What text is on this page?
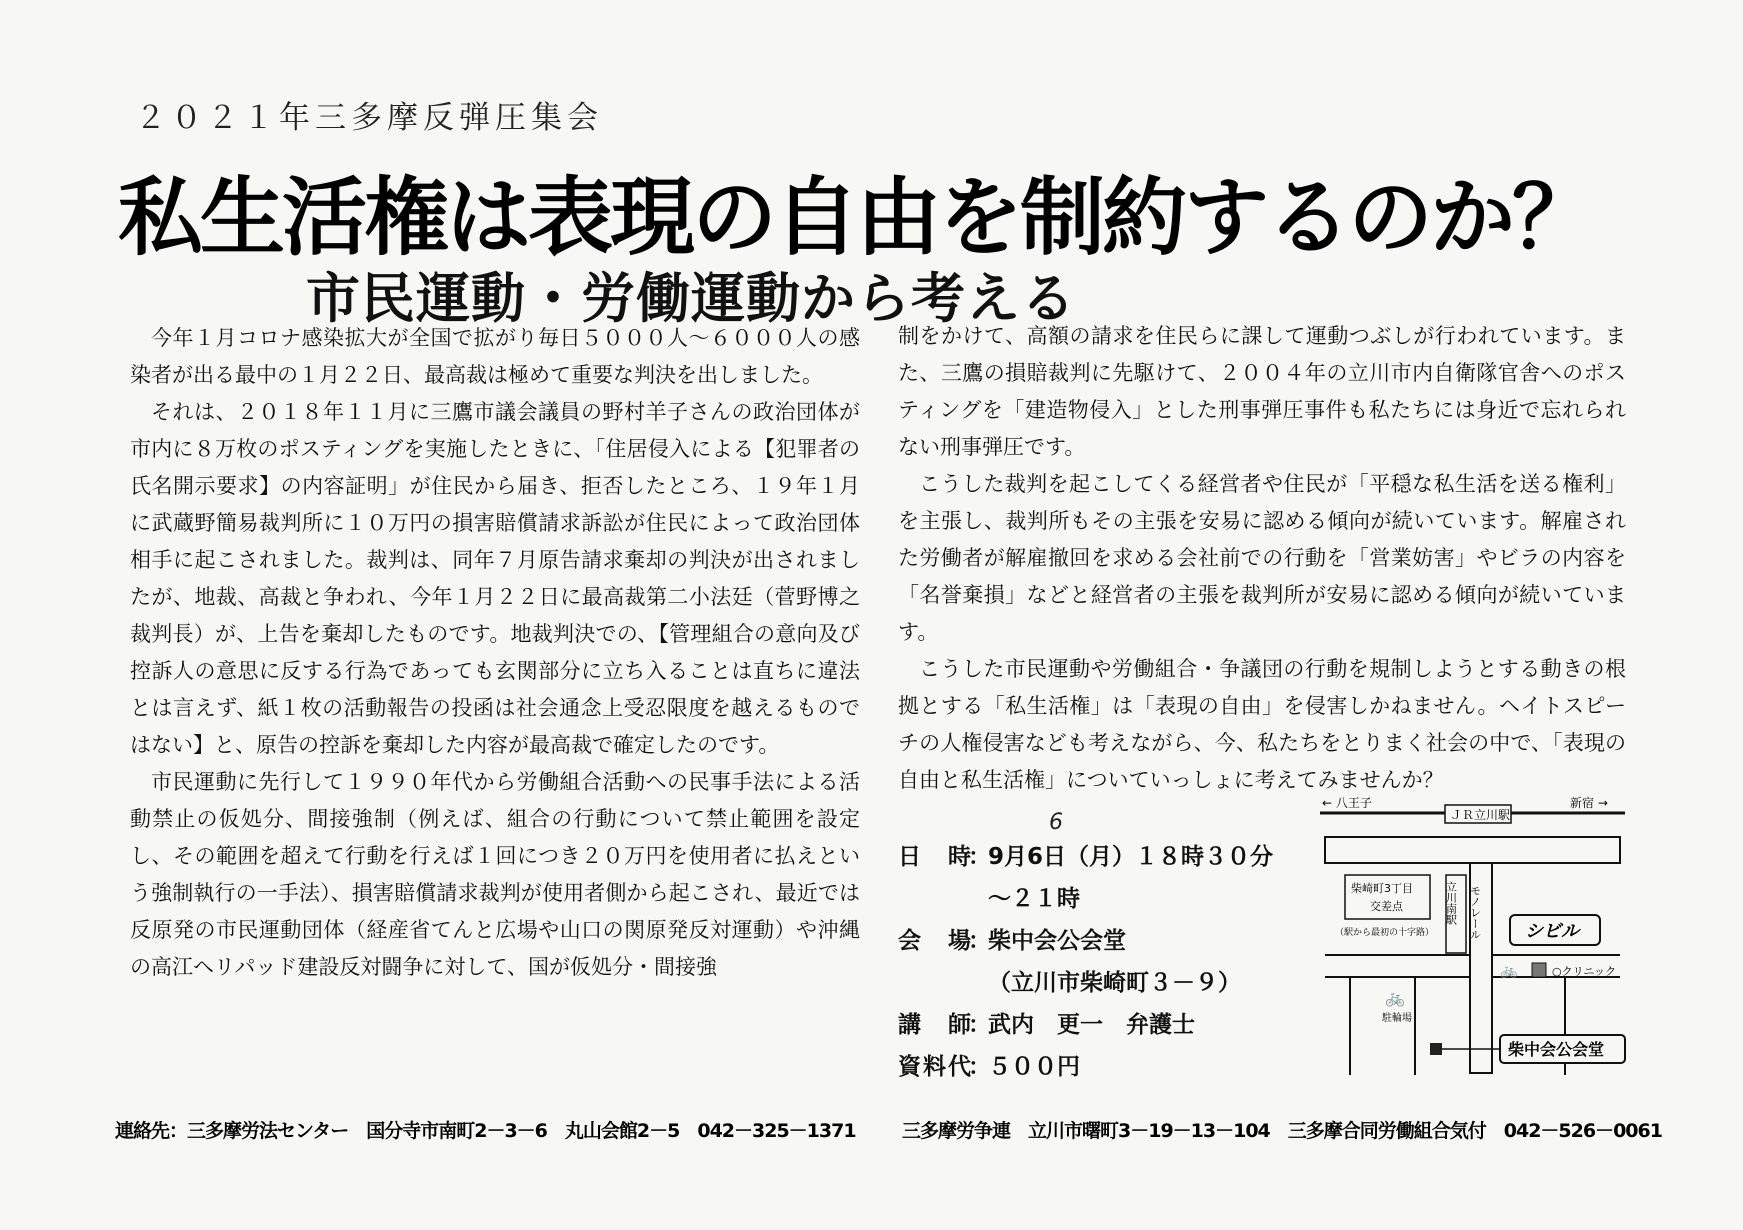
２０２１年三多摩反弾圧集会
私生活権は表現の自由を制約するのか？
市民運動・労働運動から考える

今年１月コロナ感染拡大が全国で拡がり毎日５０００人～６０００人の感染者が出る最中の１月２２日、最高裁は極めて重要な判決を出しました。

それは、２０１８年１１月に三鷹市議会議員の野村羊子さんの政治団体が市内に８万枚のポスティングを実施したときに、「住居侵入による【犯罪者の氏名開示要求】の内容証明」が住民から届き、拒否したところ、１９年１月に武蔵野簡易裁判所に１０万円の損害賠償請求訴訟が住民によって政治団体相手に起こされました。裁判は、同年７月原告請求棄却の判決が出されましたが、地裁、高裁と争われ、今年１月２２日に最高裁第二小法廷（菅野博之裁判長）が、上告を棄却したものです。地裁判決での、【管理組合の意向及び控訴人の意思に反する行為であっても玄関部分に立ち入ることは直ちに違法とは言えず、紙１枚の活動報告の投函は社会通念上受忍限度を越えるものではない】と、原告の控訴を棄却した内容が最高裁で確定したのです。

市民運動に先行して１９９０年代から労働組合活動への民事手法による活動禁止の仮処分、間接強制（例えば、組合の行動について禁止範囲を設定し、その範囲を超えて行動を行えば１回につき２０万円を使用者に払えという強制執行の一手法）、損害賠償請求裁判が使用者側から起こされ、最近では反原発の市民運動団体（経産省てんと広場や山口の関原発反対運動）や沖縄の高江ヘリパッド建設反対闘争に対して、国が仮処分・間接強

制をかけて、高額の請求を住民らに課して運動つぶしが行われています。また、三鷹の損賠裁判に先駆けて、２００４年の立川市内自衛隊官舎へのポスティングを「建造物侵入」とした刑事弾圧事件も私たちには身近で忘れられない刑事弾圧です。

こうした裁判を起こしてくる経営者や住民が「平穏な私生活を送る権利」を主張し、裁判所もその主張を安易に認める傾向が続いています。解雇された労働者が解雇撤回を求める会社前での行動を「営業妨害」やビラの内容を「名誉棄損」などと経営者の主張を裁判所が安易に認める傾向が続いています。

こうした市民運動や労働組合・争議団の行動を規制しようとする動きの根拠とする「私生活権」は「表現の自由」を侵害しかねません。ヘイトスピーチの人権侵害なども考えながら、今、私たちをとりまく社会の中で、「表現の自由と私生活権」についていっしょに考えてみませんか？

6
日　時
：
9月6日（月）１８時３０分
～２１時
会　場
：
柴中会公会堂
（立川市柴崎町３－９）
講　師
：
武内　更一　弁護士
資料代
：
５００円
← 八王子	新宿 →
ＪＲ立川駅
モノレール
立川南駅
柴崎町3丁目
交差点
（駅から最初の十字路）	シビル
○クリニック
🚲
🚲
駐輪場
柴中会公会堂
連絡先：三多摩労法センター　国分寺市南町2－3－6　丸山会館2－5　042－325－1371 三多摩労争連　立川市曙町3－19－13－104　三多摩合同労働組合気付　042－526－0061
